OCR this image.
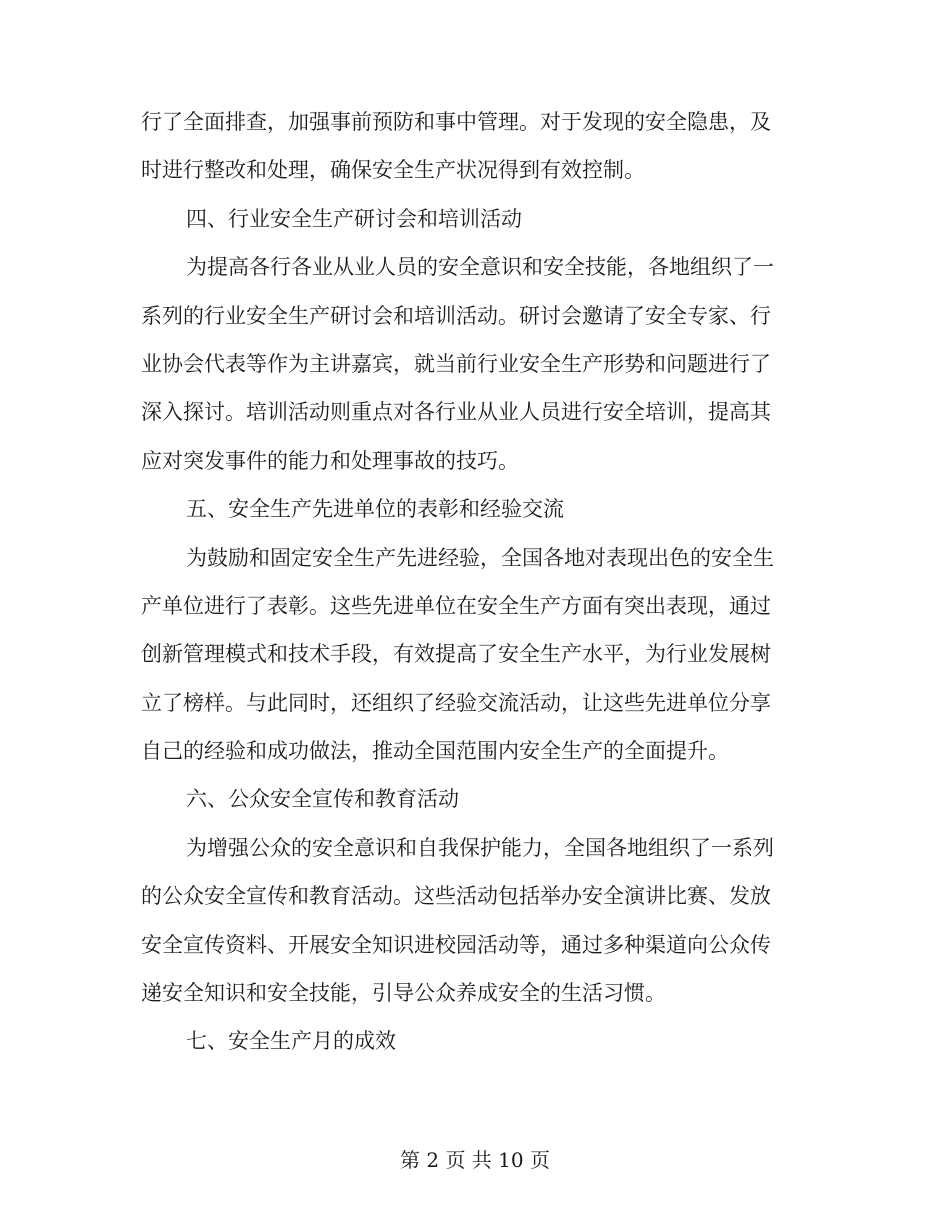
行了全面排查，加强事前预防和事中管理。对于发现的安全隐患，及
时进行整改和处理，确保安全生产状况得到有效控制。
四、行业安全生产研讨会和培训活动
为提高各行各业从业人员的安全意识和安全技能，各地组织了一
系列的行业安全生产研讨会和培训活动。研讨会邀请了安全专家、行
业协会代表等作为主讲嘉宾，就当前行业安全生产形势和问题进行了
深入探讨。培训活动则重点对各行业从业人员进行安全培训，提高其
应对突发事件的能力和处理事故的技巧。
五、安全生产先进单位的表彰和经验交流
为鼓励和固定安全生产先进经验，全国各地对表现出色的安全生
产单位进行了表彰。这些先进单位在安全生产方面有突出表现，通过
创新管理模式和技术手段，有效提高了安全生产水平，为行业发展树
立了榜样。与此同时，还组织了经验交流活动，让这些先进单位分享
自己的经验和成功做法，推动全国范围内安全生产的全面提升。
六、公众安全宣传和教育活动
为增强公众的安全意识和自我保护能力，全国各地组织了一系列
的公众安全宣传和教育活动。这些活动包括举办安全演讲比赛、发放
安全宣传资料、开展安全知识进校园活动等，通过多种渠道向公众传
递安全知识和安全技能，引导公众养成安全的生活习惯。
七、安全生产月的成效
第 2 页 共 10 页
